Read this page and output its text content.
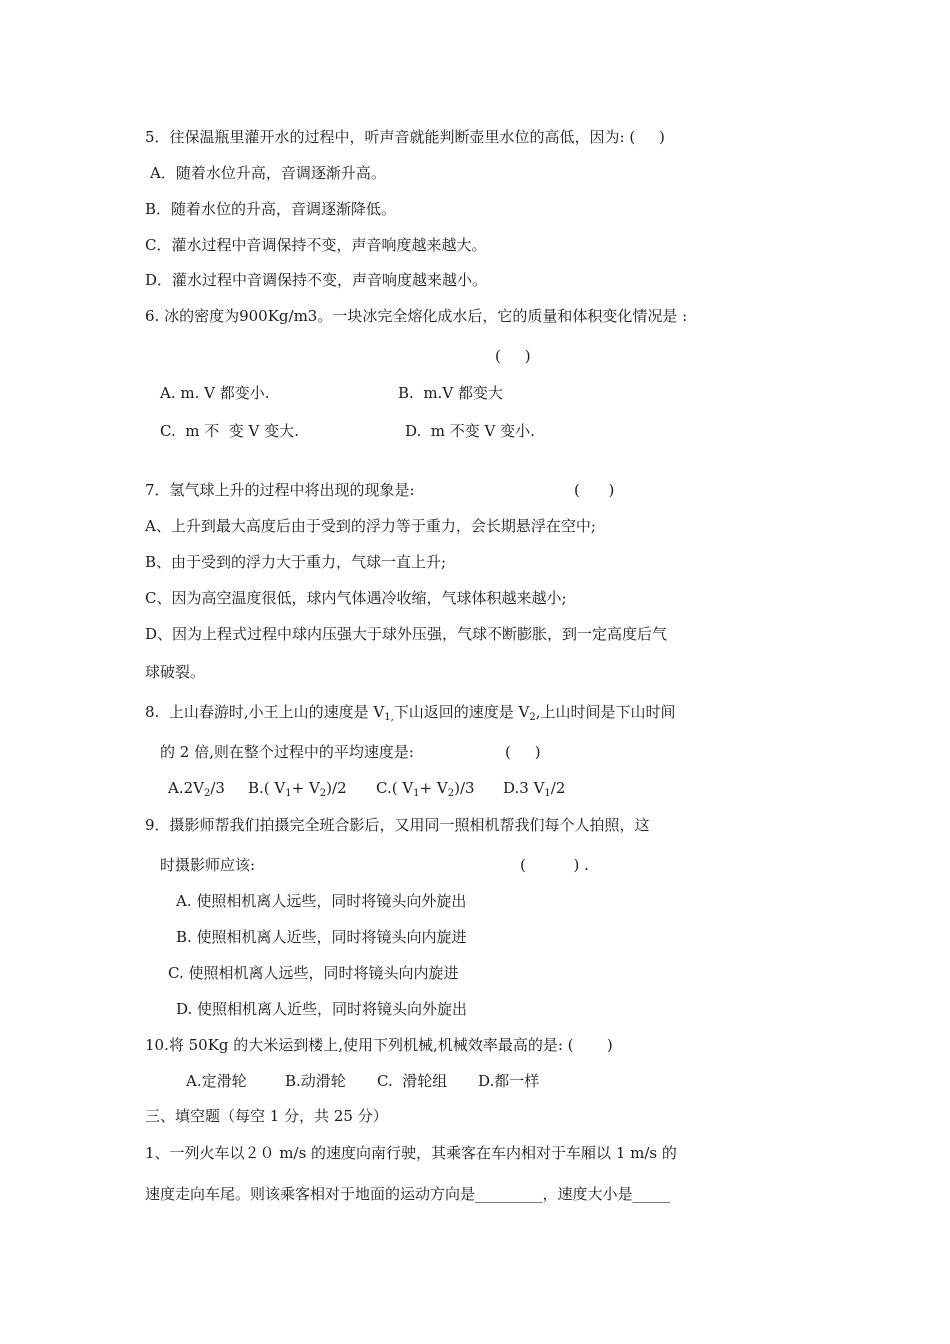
5．往保温瓶里灌开水的过程中，听声音就能判断壶里水位的高低，因为: (     )
A．随着水位升高，音调逐渐升高。
B．随着水位的升高，音调逐渐降低。
C．灌水过程中音调保持不变，声音响度越来越大。
D．灌水过程中音调保持不变，声音响度越来越小。
6. 冰的密度为900Kg/m3。一块冰完全熔化成水后，它的质量和体积变化情况是 :
(     )
A. m. V 都变小.	B.  m.V 都变大
C.  m 不  变 V 变大.	D.  m 不变 V 变小.
7．氢气球上升的过程中将出现的现象是:	(      )
A、上升到最大高度后由于受到的浮力等于重力，会长期悬浮在空中;
B、由于受到的浮力大于重力，气球一直上升;
C、因为高空温度很低，球内气体遇冷收缩，气球体积越来越小;
D、因为上程式过程中球内压强大于球外压强，气球不断膨胀，到一定高度后气
球破裂。
8.  上山春游时,小王上山的速度是 $V_{1,}$下山返回的速度是 $V_2$,上山时间是下山时间
的 2 倍,则在整个过程中的平均速度是:	(     )
$A.2V_2/3$ B.( $V_1+ V_2)/2$ C.( $V_1+ V_2)/3$ D.3 $V_1/2$
9．摄影师帮我们拍摄完全班合影后，又用同一照相机帮我们每个人拍照，这
时摄影师应该:	(          ) .
A. 使照相机离人远些，同时将镜头向外旋出
B. 使照相机离人近些，同时将镜头向内旋进
C. 使照相机离人远些，同时将镜头向内旋进
D. 使照相机离人近些，同时将镜头向外旋出
10.将 50Kg 的大米运到楼上,使用下列机械,机械效率最高的是: (       )
A.定滑轮	B.动滑轮 C.  滑轮组 D.都一样
三、填空题（每空 1 分，共 25 分）
1、一列火车以２０ m/s 的速度向南行驶，其乘客在车内相对于车厢以 1 m/s 的
速度走向车尾。则该乘客相对于地面的运动方向是_________，速度大小是_____
